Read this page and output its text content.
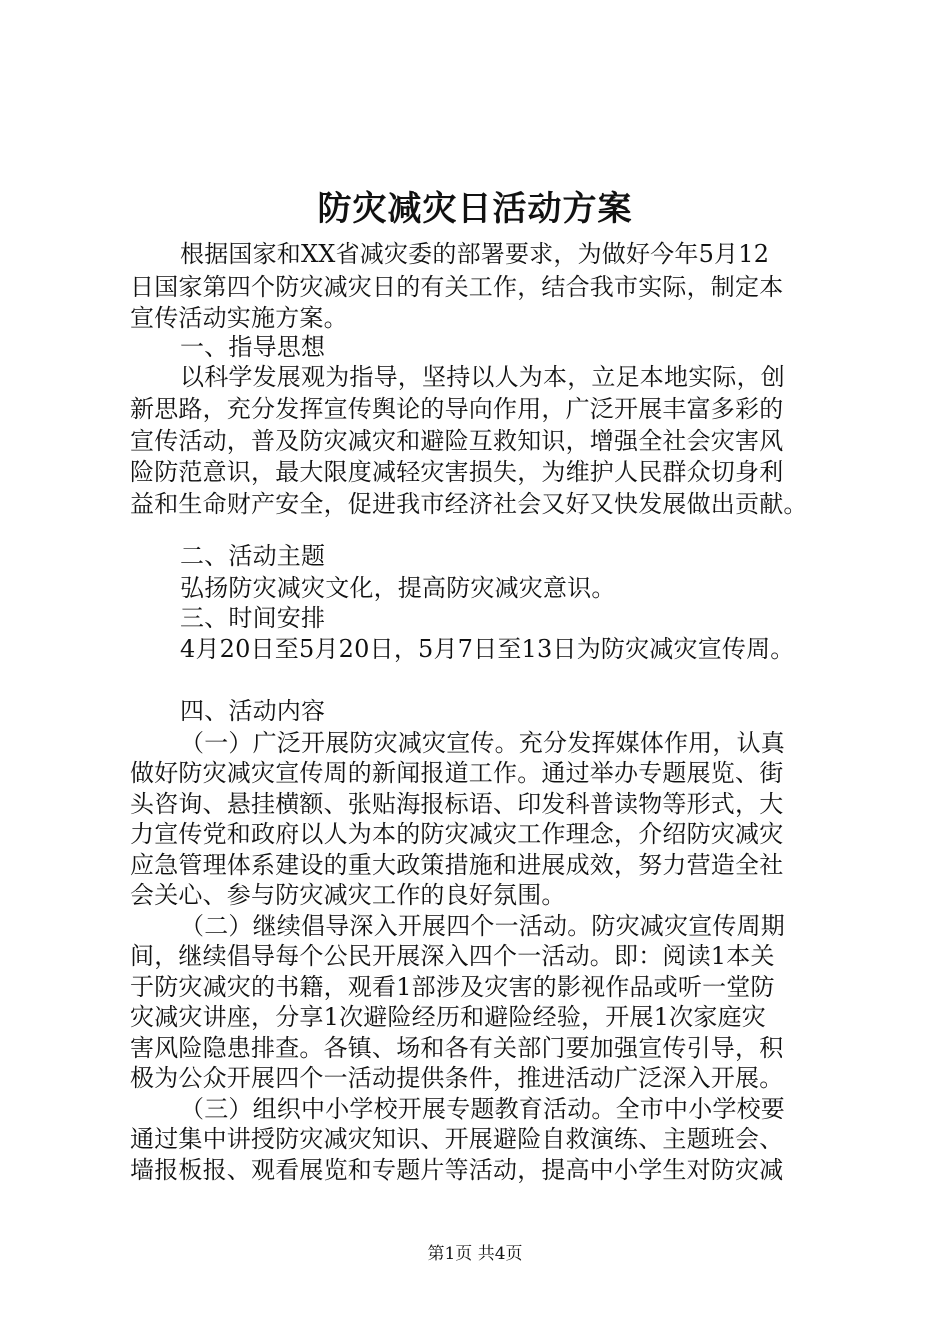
防灾减灾日活动方案
根据国家和XX省减灾委的部署要求，为做好今年5月12
日国家第四个防灾减灾日的有关工作，结合我市实际，制定本
宣传活动实施方案。
一、指导思想
以科学发展观为指导，坚持以人为本，立足本地实际，创
新思路，充分发挥宣传舆论的导向作用，广泛开展丰富多彩的
宣传活动，普及防灾减灾和避险互救知识，增强全社会灾害风
险防范意识，最大限度减轻灾害损失，为维护人民群众切身利
益和生命财产安全，促进我市经济社会又好又快发展做出贡献。
二、活动主题
弘扬防灾减灾文化，提高防灾减灾意识。
三、时间安排
4月20日至5月20日，5月7日至13日为防灾减灾宣传周。
四、活动内容
（一）广泛开展防灾减灾宣传。充分发挥媒体作用，认真
做好防灾减灾宣传周的新闻报道工作。通过举办专题展览、街
头咨询、悬挂横额、张贴海报标语、印发科普读物等形式，大
力宣传党和政府以人为本的防灾减灾工作理念，介绍防灾减灾
应急管理体系建设的重大政策措施和进展成效，努力营造全社
会关心、参与防灾减灾工作的良好氛围。
（二）继续倡导深入开展四个一活动。防灾减灾宣传周期
间，继续倡导每个公民开展深入四个一活动。即：阅读1本关
于防灾减灾的书籍，观看1部涉及灾害的影视作品或听一堂防
灾减灾讲座，分享1次避险经历和避险经验，开展1次家庭灾
害风险隐患排查。各镇、场和各有关部门要加强宣传引导，积
极为公众开展四个一活动提供条件，推进活动广泛深入开展。
（三）组织中小学校开展专题教育活动。全市中小学校要
通过集中讲授防灾减灾知识、开展避险自救演练、主题班会、
墙报板报、观看展览和专题片等活动，提高中小学生对防灾减
第1页 共4页
